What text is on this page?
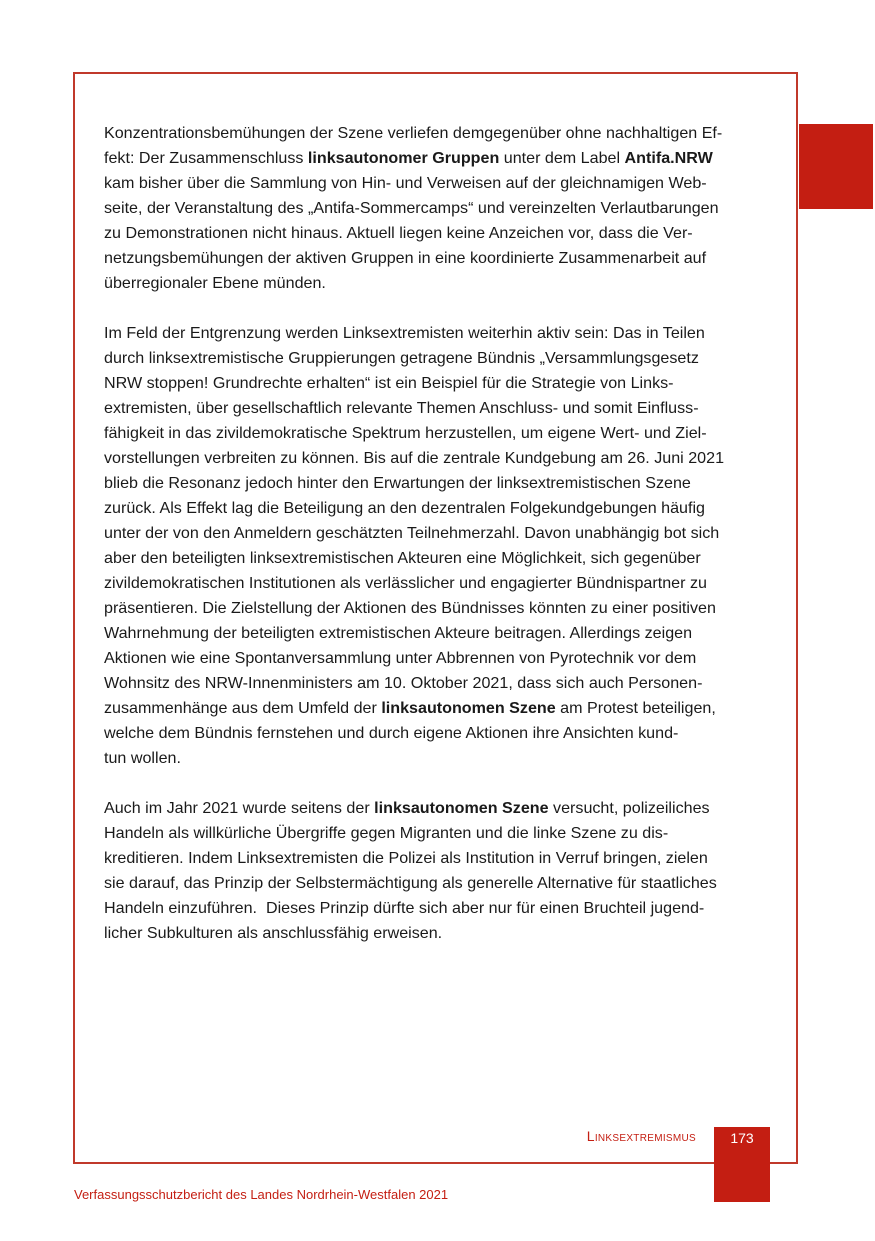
Konzentrationsbemühungen der Szene verliefen demgegenüber ohne nachhaltigen Ef-
fekt: Der Zusammenschluss linksautonomer Gruppen unter dem Label Antifa.NRW
kam bisher über die Sammlung von Hin- und Verweisen auf der gleichnamigen Web-
seite, der Veranstaltung des „Antifa-Sommercamps“ und vereinzelten Verlautbarungen
zu Demonstrationen nicht hinaus. Aktuell liegen keine Anzeichen vor, dass die Ver-
netzungsbemühungen der aktiven Gruppen in eine koordinierte Zusammenarbeit auf
überregionaler Ebene münden.
Im Feld der Entgrenzung werden Linksextremisten weiterhin aktiv sein: Das in Teilen
durch linksextremistische Gruppierungen getragene Bündnis „Versammlungsgesetz
NRW stoppen! Grundrechte erhalten“ ist ein Beispiel für die Strategie von Links-
extremisten, über gesellschaftlich relevante Themen Anschluss- und somit Einfluss-
fähigkeit in das zivildemokratische Spektrum herzustellen, um eigene Wert- und Ziel-
vorstellungen verbreiten zu können. Bis auf die zentrale Kundgebung am 26. Juni 2021
blieb die Resonanz jedoch hinter den Erwartungen der linksextremistischen Szene
zurück. Als Effekt lag die Beteiligung an den dezentralen Folgekundgebungen häufig
unter der von den Anmeldern geschätzten Teilnehmerzahl. Davon unabhängig bot sich
aber den beteiligten linksextremistischen Akteuren eine Möglichkeit, sich gegenüber
zivildemokratischen Institutionen als verlässlicher und engagierter Bündnispartner zu
präsentieren. Die Zielstellung der Aktionen des Bündnisses könnten zu einer positiven
Wahrnehmung der beteiligten extremistischen Akteure beitragen. Allerdings zeigen
Aktionen wie eine Spontanversammlung unter Abbrennen von Pyrotechnik vor dem
Wohnsitz des NRW-Innenministers am 10. Oktober 2021, dass sich auch Personen-
zusammenhänge aus dem Umfeld der linksautonomen Szene am Protest beteiligen,
welche dem Bündnis fernstehen und durch eigene Aktionen ihre Ansichten kund-
tun wollen.
Auch im Jahr 2021 wurde seitens der linksautonomen Szene versucht, polizeiliches
Handeln als willkürliche Übergriffe gegen Migranten und die linke Szene zu dis-
kreditieren. Indem Linksextremisten die Polizei als Institution in Verruf bringen, zielen
sie darauf, das Prinzip der Selbstermächtigung als generelle Alternative für staatliches
Handeln einzuführen.  Dieses Prinzip dürfte sich aber nur für einen Bruchteil jugend-
licher Subkulturen als anschlussfähig erweisen.
Linksextremismus	173
Verfassungsschutzbericht des Landes Nordrhein-Westfalen 2021
